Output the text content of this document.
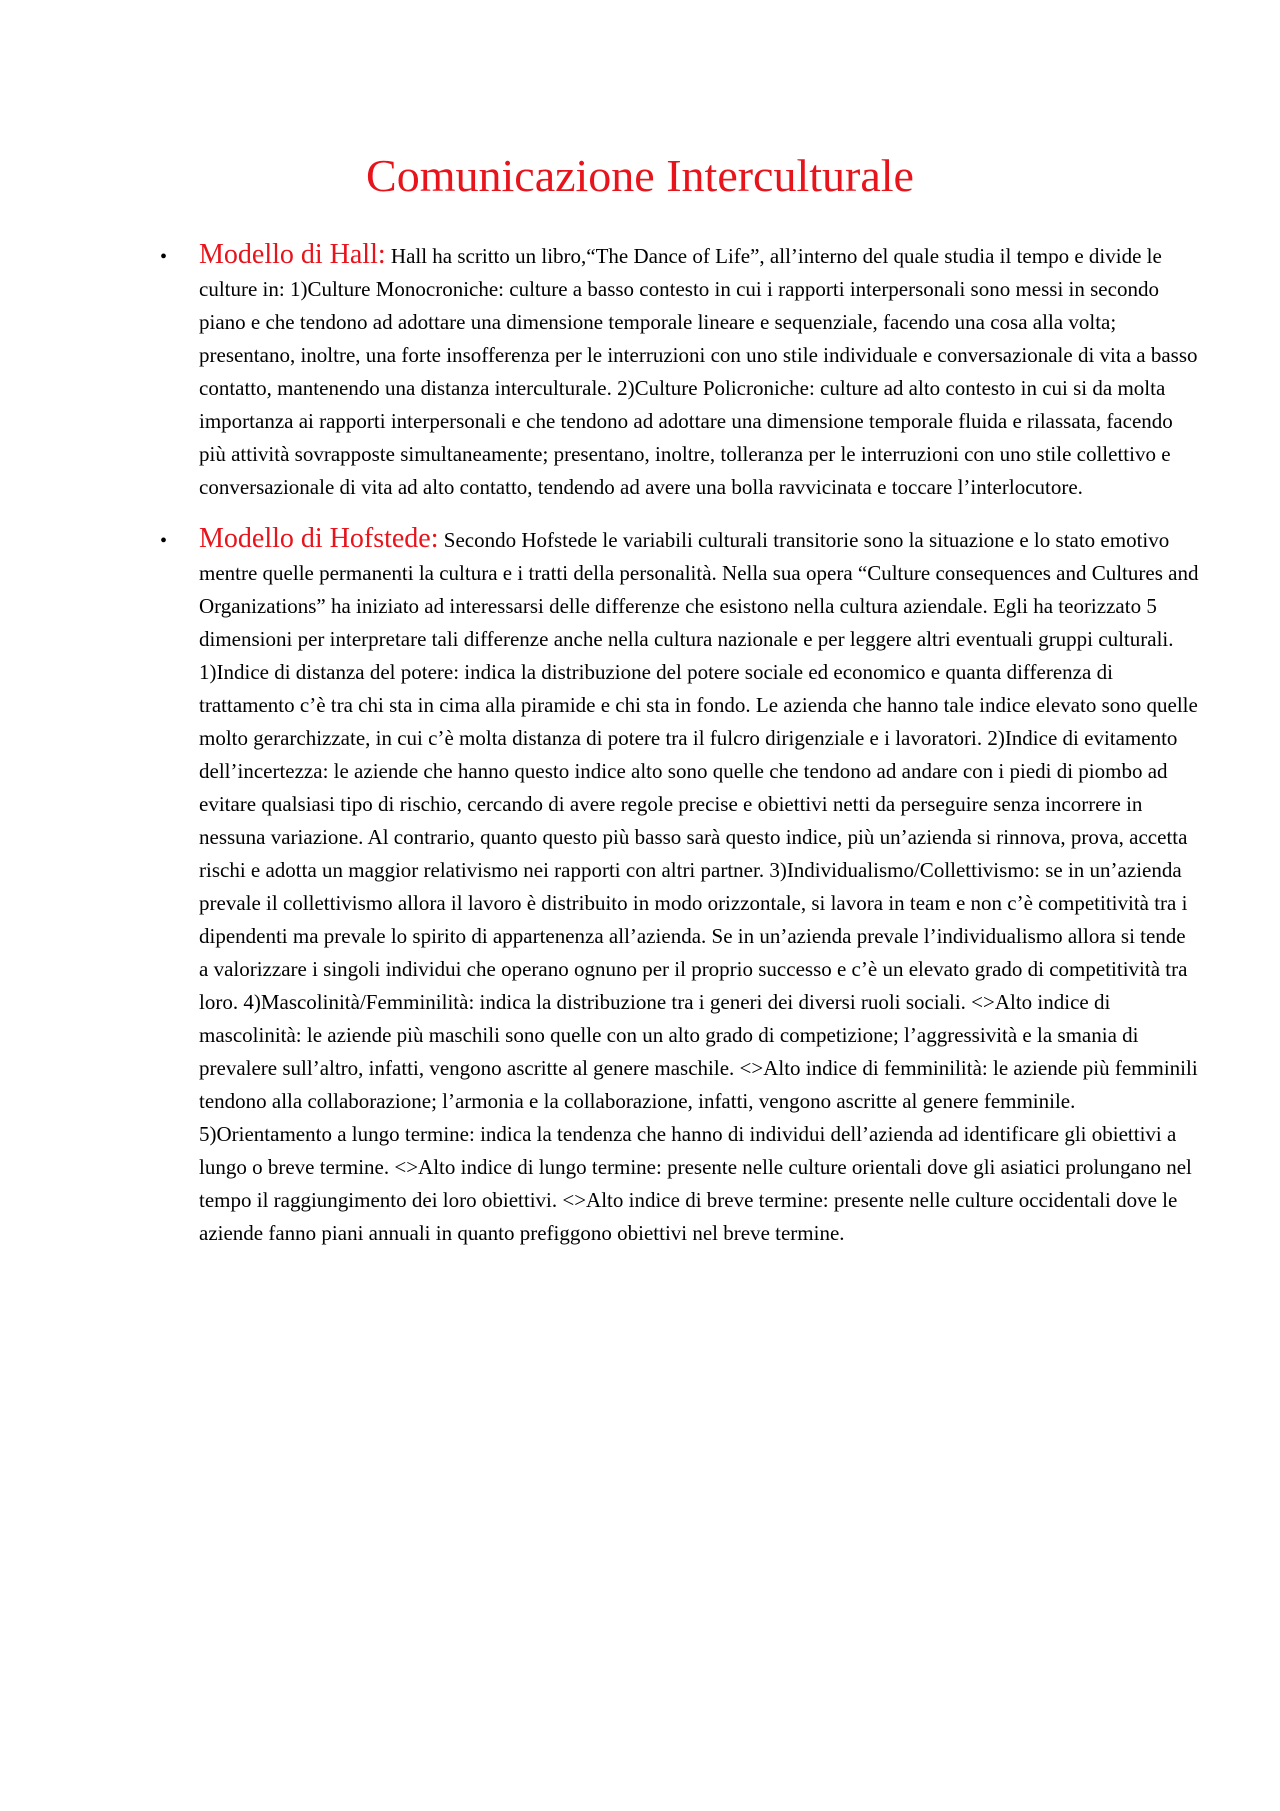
Comunicazione Interculturale
• Modello di Hall: Hall ha scritto un libro,“The Dance of Life”, all’interno del quale studia il tempo e divide le culture in: 1)Culture Monocroniche: culture a basso contesto in cui i rapporti interpersonali sono messi in secondo piano e che tendono ad adottare una dimensione temporale lineare e sequenziale, facendo una cosa alla volta; presentano, inoltre, una forte insofferenza per le interruzioni con uno stile individuale e conversazionale di vita a basso contatto, mantenendo una distanza interculturale. 2)Culture Policroniche: culture ad alto contesto in cui si da molta importanza ai rapporti interpersonali e che tendono ad adottare una dimensione temporale fluida e rilassata, facendo più attività sovrapposte simultaneamente; presentano, inoltre, tolleranza per le interruzioni con uno stile collettivo e conversazionale di vita ad alto contatto, tendendo ad avere una bolla ravvicinata e toccare l’interlocutore.

• Modello di Hofstede: Secondo Hofstede le variabili culturali transitorie sono la situazione e lo stato emotivo mentre quelle permanenti la cultura e i tratti della personalità. Nella sua opera “Culture consequences and Cultures and Organizations” ha iniziato ad interessarsi delle differenze che esistono nella cultura aziendale. Egli ha teorizzato 5 dimensioni per interpretare tali differenze anche nella cultura nazionale e per leggere altri eventuali gruppi culturali. 1)Indice di distanza del potere: indica la distribuzione del potere sociale ed economico e quanta differenza di trattamento c’è tra chi sta in cima alla piramide e chi sta in fondo. Le azienda che hanno tale indice elevato sono quelle molto gerarchizzate, in cui c’è molta distanza di potere tra il fulcro dirigenziale e i lavoratori. 2)Indice di evitamento dell’incertezza: le aziende che hanno questo indice alto sono quelle che tendono ad andare con i piedi di piombo ad evitare qualsiasi tipo di rischio, cercando di avere regole precise e obiettivi netti da perseguire senza incorrere in nessuna variazione. Al contrario, quanto questo più basso sarà questo indice, più un’azienda si rinnova, prova, accetta rischi e adotta un maggior relativismo nei rapporti con altri partner. 3)Individualismo/Collettivismo: se in un’azienda prevale il collettivismo allora il lavoro è distribuito in modo orizzontale, si lavora in team e non c’è competitività tra i dipendenti ma prevale lo spirito di appartenenza all’azienda. Se in un’azienda prevale l’individualismo allora si tende a valorizzare i singoli individui che operano ognuno per il proprio successo e c’è un elevato grado di competitività tra loro. 4)Mascolinità/Femminilità: indica la distribuzione tra i generi dei diversi ruoli sociali. <>Alto indice di mascolinità: le aziende più maschili sono quelle con un alto grado di competizione; l’aggressività e la smania di prevalere sull’altro, infatti, vengono ascritte al genere maschile. <>Alto indice di femminilità: le aziende più femminili tendono alla collaborazione; l’armonia e la collaborazione, infatti, vengono ascritte al genere femminile. 5)Orientamento a lungo termine: indica la tendenza che hanno di individui dell’azienda ad identificare gli obiettivi a lungo o breve termine. <>Alto indice di lungo termine: presente nelle culture orientali dove gli asiatici prolungano nel tempo il raggiungimento dei loro obiettivi. <>Alto indice di breve termine: presente nelle culture occidentali dove le aziende fanno piani annuali in quanto prefiggono obiettivi nel breve termine.
